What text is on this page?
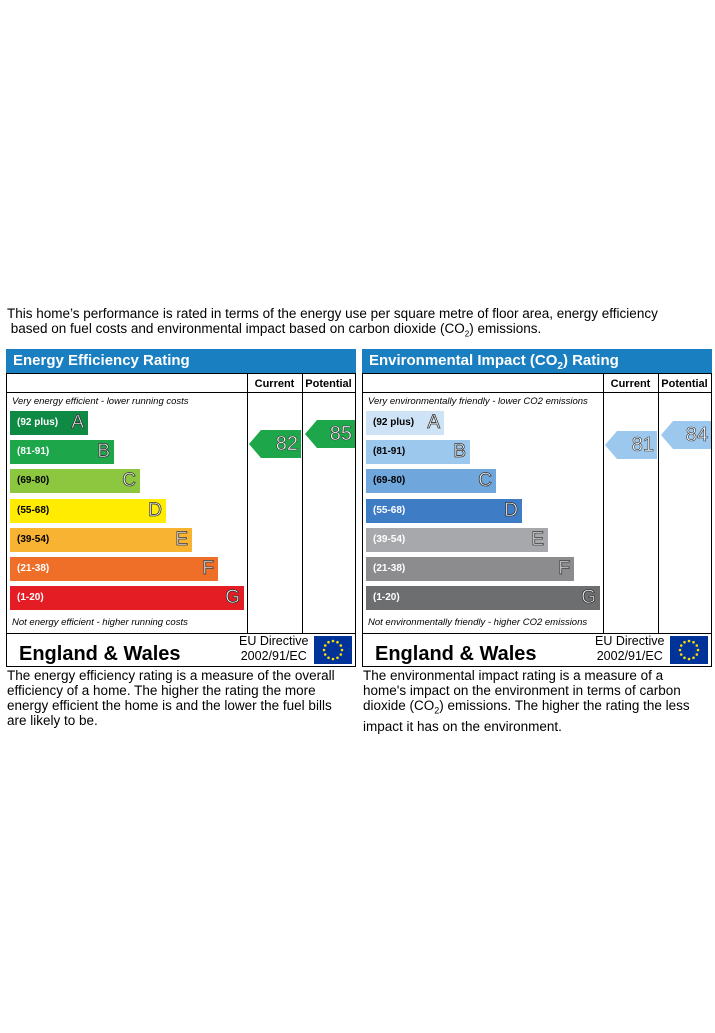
This home’s performance is rated in terms of the energy use per square metre of floor area, energy efficiency
based on fuel costs and environmental impact based on carbon dioxide $(CO_2)$ emissions.
Energy Efficiency Rating
Current Potential
Very energy efficient - lower running costs
Not energy efficient - higher running costs
(92 plus) A
(81-91)	B
(69-80)	C
(55-68)	D
(39-54)	E
(21-38)	F
(1-20)	G
82 85
England & Wales
EU Directive
2002/91/EC
Environmental Impact $(CO_2)$ Rating
Current Potential
Very environmentally friendly - lower CO2 emissions
Not environmentally friendly - higher CO2 emissions
(92 plus) A
(81-91)	B
(69-80)	C
(55-68)	D
(39-54)	E
(21-38)	F
(1-20)	G
81 84
England & Wales
EU Directive
2002/91/EC
The energy efficiency rating is a measure of the overall efficiency of a home. The higher the rating the more energy efficient the home is and the lower the fuel bills are likely to be.
The environmental impact rating is a measure of a home's impact on the environment in terms of carbon dioxide $(CO_2)$ emissions. The higher the rating the less impact it has on the environment.
